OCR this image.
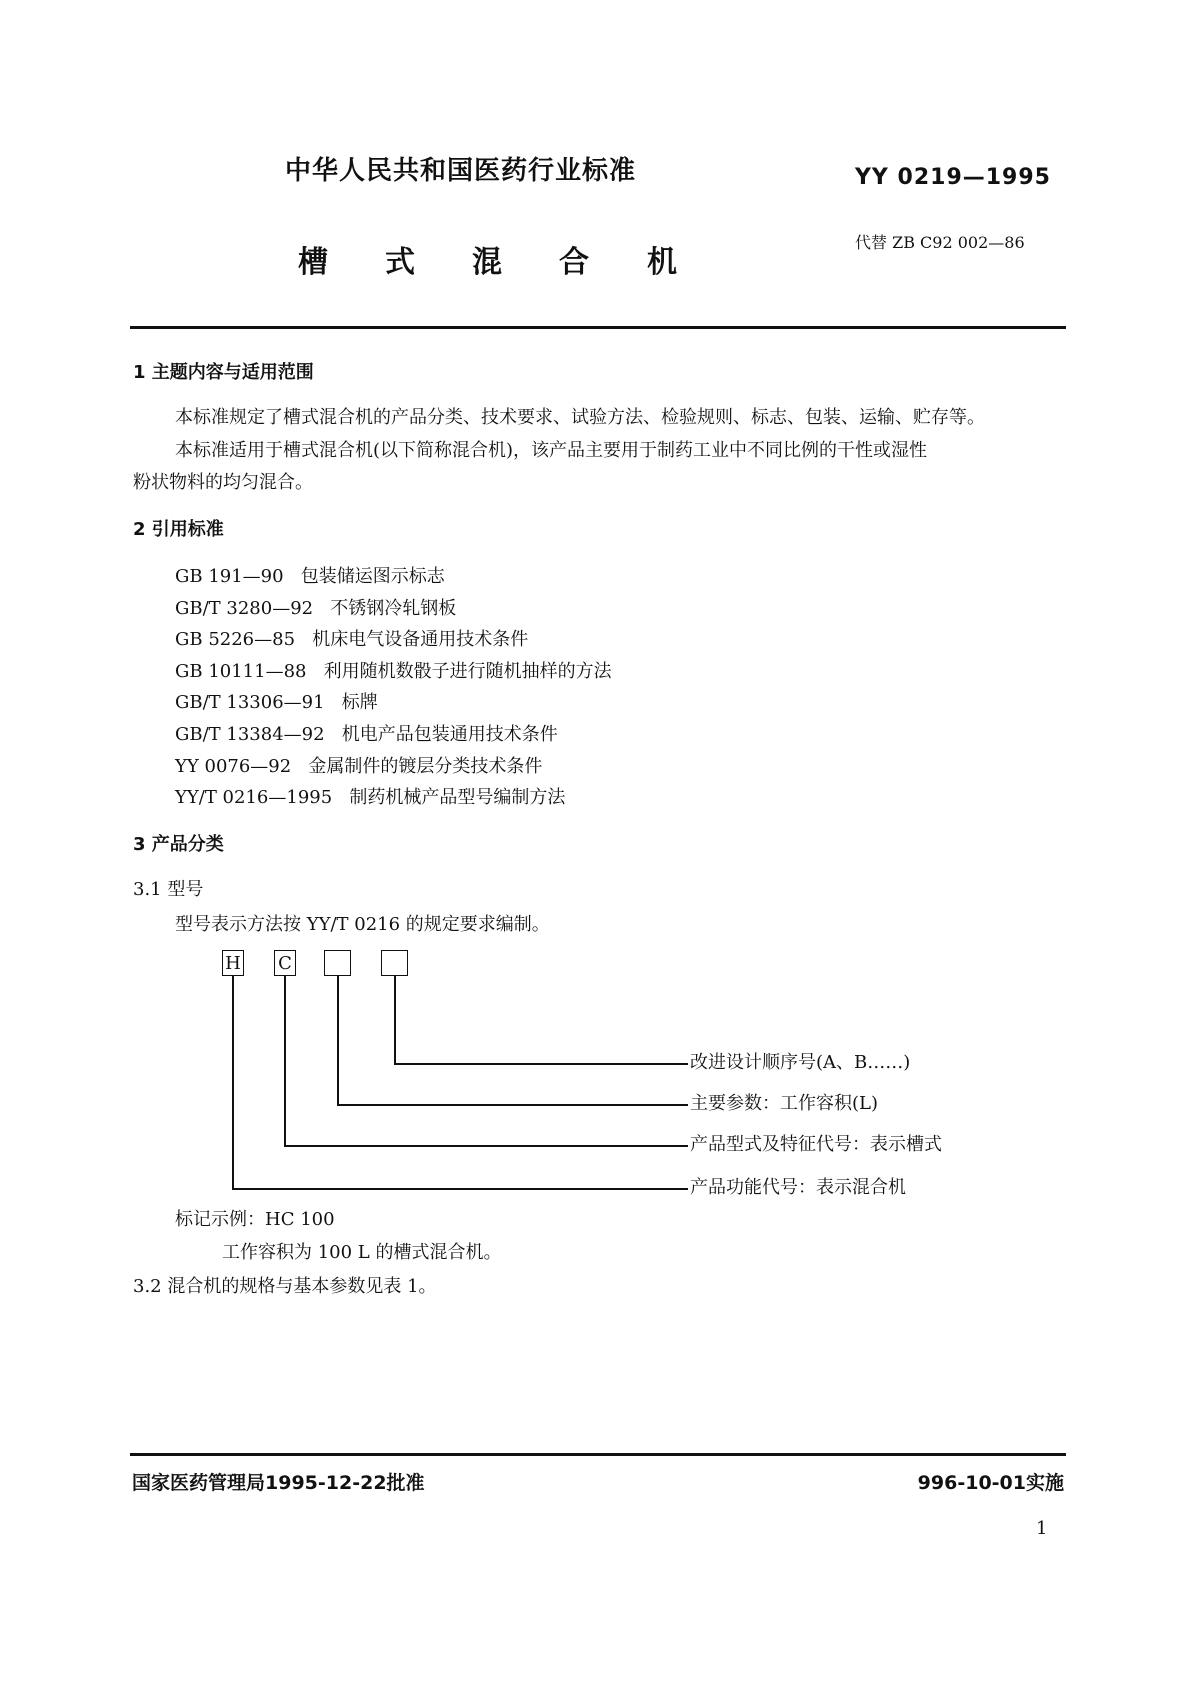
中华人民共和国医药行业标准	YY 0219—1995
槽 式 混 合 机
代替 ZB C92 002—86
1 主题内容与适用范围
本标准规定了槽式混合机的产品分类、技术要求、试验方法、检验规则、标志、包装、运输、贮存等。
本标准适用于槽式混合机(以下简称混合机)，该产品主要用于制药工业中不同比例的干性或湿性
粉状物料的均匀混合。
2 引用标准
GB 191—90 包装储运图示标志
GB/T 3280—92 不锈钢冷轧钢板
GB 5226—85 机床电气设备通用技术条件
GB 10111—88 利用随机数骰子进行随机抽样的方法
GB/T 13306—91 标牌
GB/T 13384—92 机电产品包装通用技术条件
YY 0076—92 金属制件的镀层分类技术条件
YY/T 0216—1995 制药机械产品型号编制方法
3 产品分类
3.1 型号
型号表示方法按 YY/T 0216 的规定要求编制。
H C
改进设计顺序号(A、B……)
主要参数：工作容积(L)
产品型式及特征代号：表示槽式
产品功能代号：表示混合机
标记示例：HC 100
工作容积为 100 L 的槽式混合机。
3.2 混合机的规格与基本参数见表 1。
国家医药管理局1995-12-22批准	996-10-01实施
1
